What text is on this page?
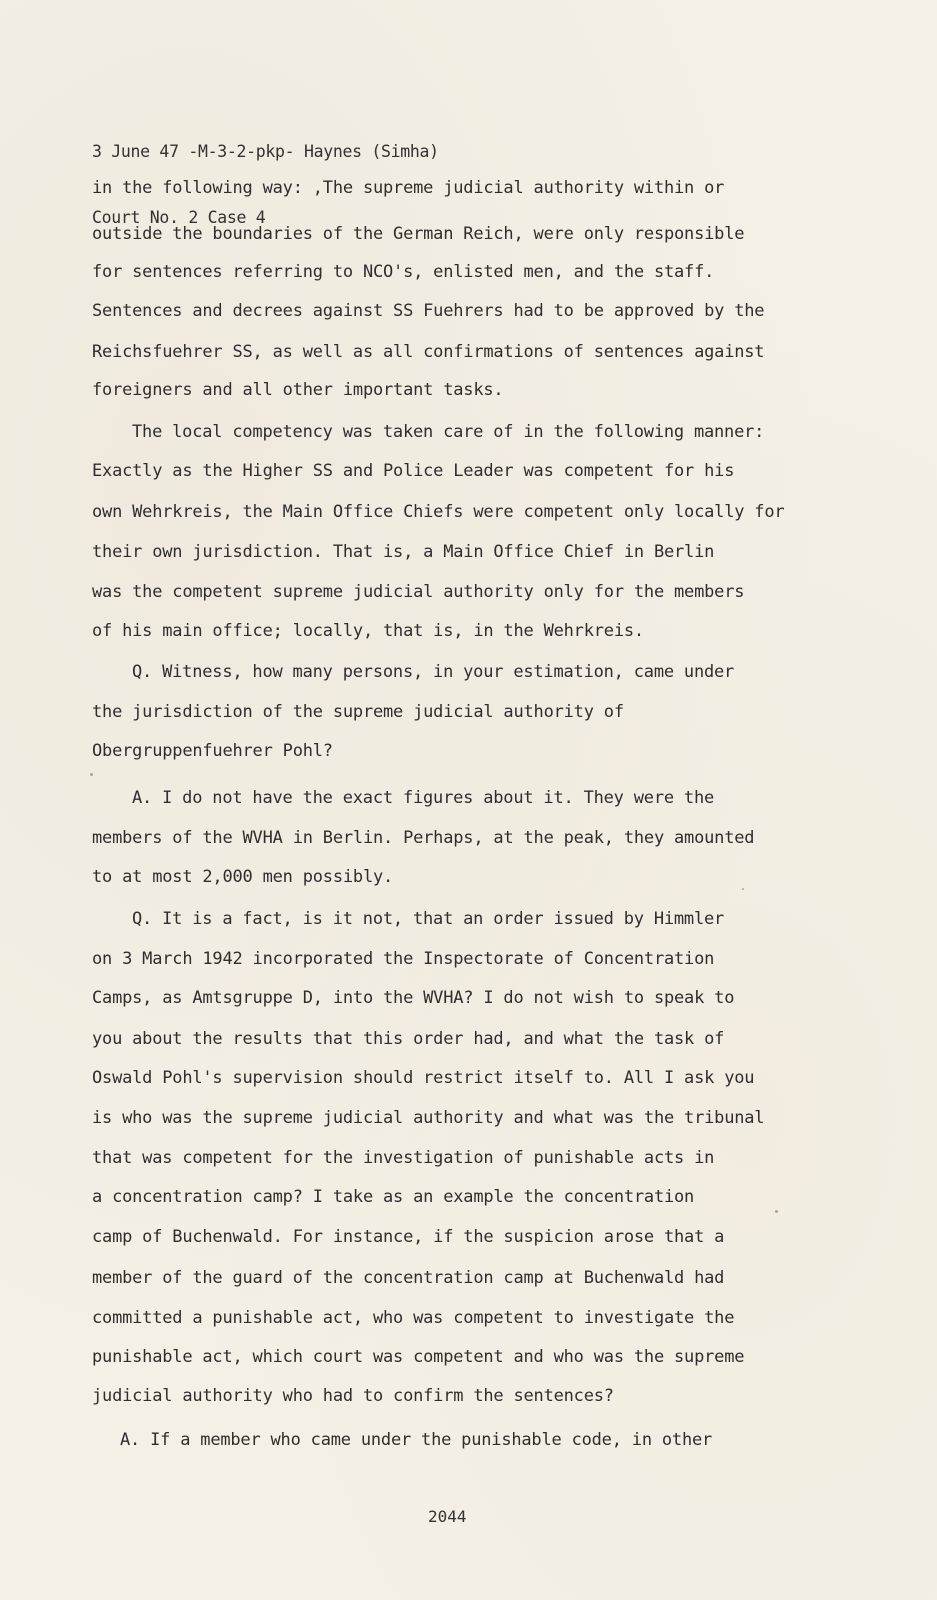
3 June 47 -M-3-2-pkp- Haynes (Simha)

Court No. 2 Case 4

in the following way: ,The supreme judicial authority within or
outside the boundaries of the German Reich, were only responsible
for sentences referring to NCO's, enlisted men, and the staff.
Sentences and decrees against SS Fuehrers had to be approved by the
Reichsfuehrer SS, as well as all confirmations of sentences against
foreigners and all other important tasks.
The local competency was taken care of in the following manner:
Exactly as the Higher SS and Police Leader was competent for his
own Wehrkreis, the Main Office Chiefs were competent only locally for
their own jurisdiction. That is, a Main Office Chief in Berlin
was the competent supreme judicial authority only for the members
of his main office; locally, that is, in the Wehrkreis.
Q. Witness, how many persons, in your estimation, came under
the jurisdiction of the supreme judicial authority of
Obergruppenfuehrer Pohl?
A. I do not have the exact figures about it. They were the
members of the WVHA in Berlin. Perhaps, at the peak, they amounted
to at most 2,000 men possibly.
Q. It is a fact, is it not, that an order issued by Himmler
on 3 March 1942 incorporated the Inspectorate of Concentration
Camps, as Amtsgruppe D, into the WVHA? I do not wish to speak to
you about the results that this order had, and what the task of
Oswald Pohl's supervision should restrict itself to. All I ask you
is who was the supreme judicial authority and what was the tribunal
that was competent for the investigation of punishable acts in
a concentration camp? I take as an example the concentration
camp of Buchenwald. For instance, if the suspicion arose that a
member of the guard of the concentration camp at Buchenwald had
committed a punishable act, who was competent to investigate the
punishable act, which court was competent and who was the supreme
judicial authority who had to confirm the sentences?
A. If a member who came under the punishable code, in other
2044
